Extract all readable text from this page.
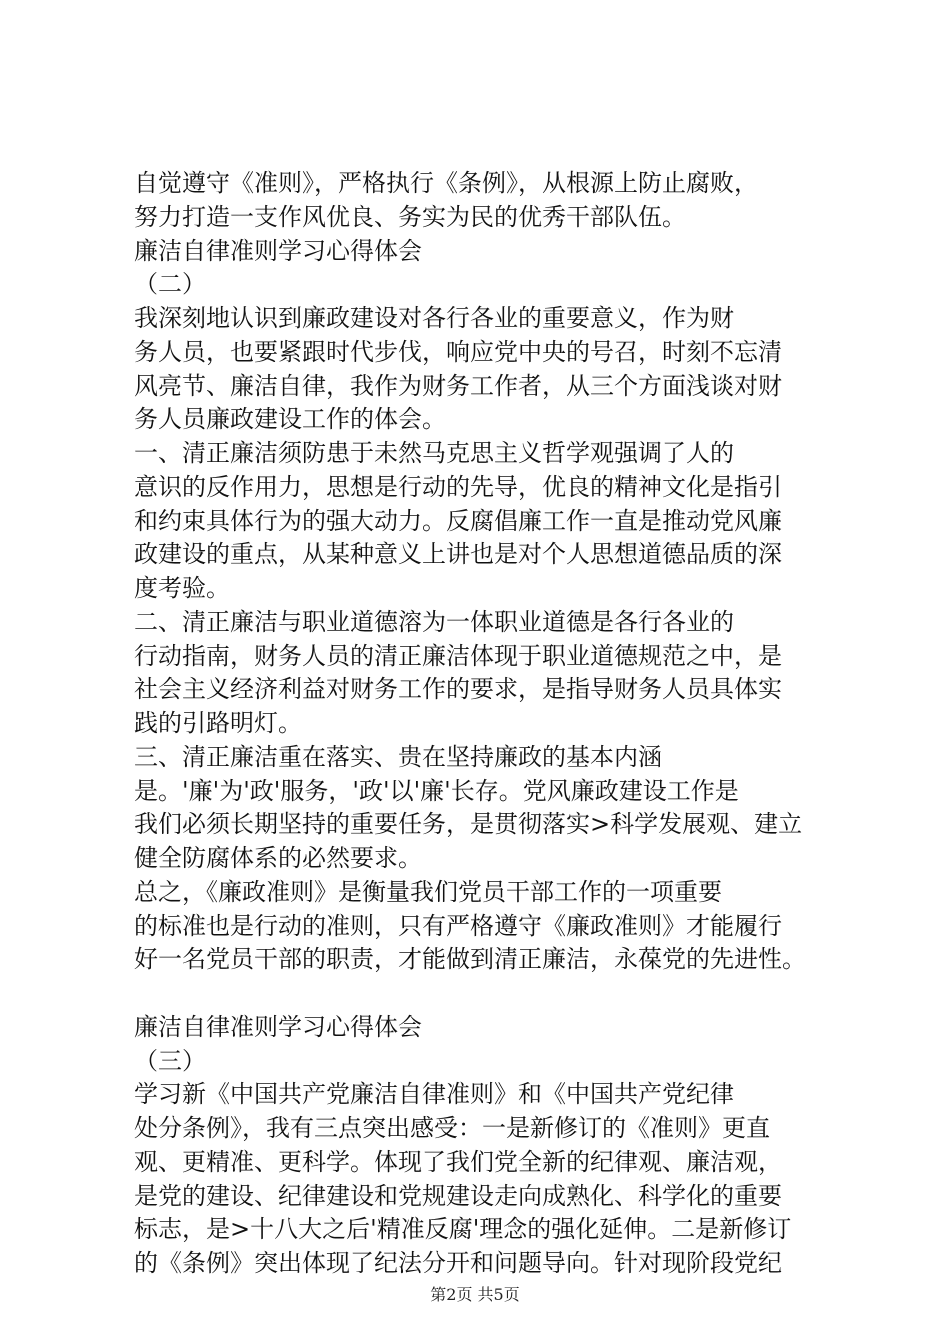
自觉遵守《准则》，严格执行《条例》，从根源上防止腐败，
努力打造一支作风优良、务实为民的优秀干部队伍。
廉洁自律准则学习心得体会
（二）
我深刻地认识到廉政建设对各行各业的重要意义，作为财
务人员，也要紧跟时代步伐，响应党中央的号召，时刻不忘清
风亮节、廉洁自律，我作为财务工作者，从三个方面浅谈对财
务人员廉政建设工作的体会。
一、清正廉洁须防患于未然马克思主义哲学观强调了人的
意识的反作用力，思想是行动的先导，优良的精神文化是指引
和约束具体行为的强大动力。反腐倡廉工作一直是推动党风廉
政建设的重点，从某种意义上讲也是对个人思想道德品质的深
度考验。
二、清正廉洁与职业道德溶为一体职业道德是各行各业的
行动指南，财务人员的清正廉洁体现于职业道德规范之中，是
社会主义经济利益对财务工作的要求，是指导财务人员具体实
践的引路明灯。
三、清正廉洁重在落实、贵在坚持廉政的基本内涵
是。'廉'为'政'服务，'政'以'廉'长存。党风廉政建设工作是
我们必须长期坚持的重要任务，是贯彻落实>科学发展观、建立
健全防腐体系的必然要求。
总之，《廉政准则》是衡量我们党员干部工作的一项重要
的标准也是行动的准则，只有严格遵守《廉政准则》才能履行
好一名党员干部的职责，才能做到清正廉洁，永葆党的先进性。
廉洁自律准则学习心得体会
（三）
学习新《中国共产党廉洁自律准则》和《中国共产党纪律
处分条例》，我有三点突出感受：一是新修订的《准则》更直
观、更精准、更科学。体现了我们党全新的纪律观、廉洁观，
是党的建设、纪律建设和党规建设走向成熟化、科学化的重要
标志，是>十八大之后'精准反腐'理念的强化延伸。二是新修订
的《条例》突出体现了纪法分开和问题导向。针对现阶段党纪
第2页 共5页
